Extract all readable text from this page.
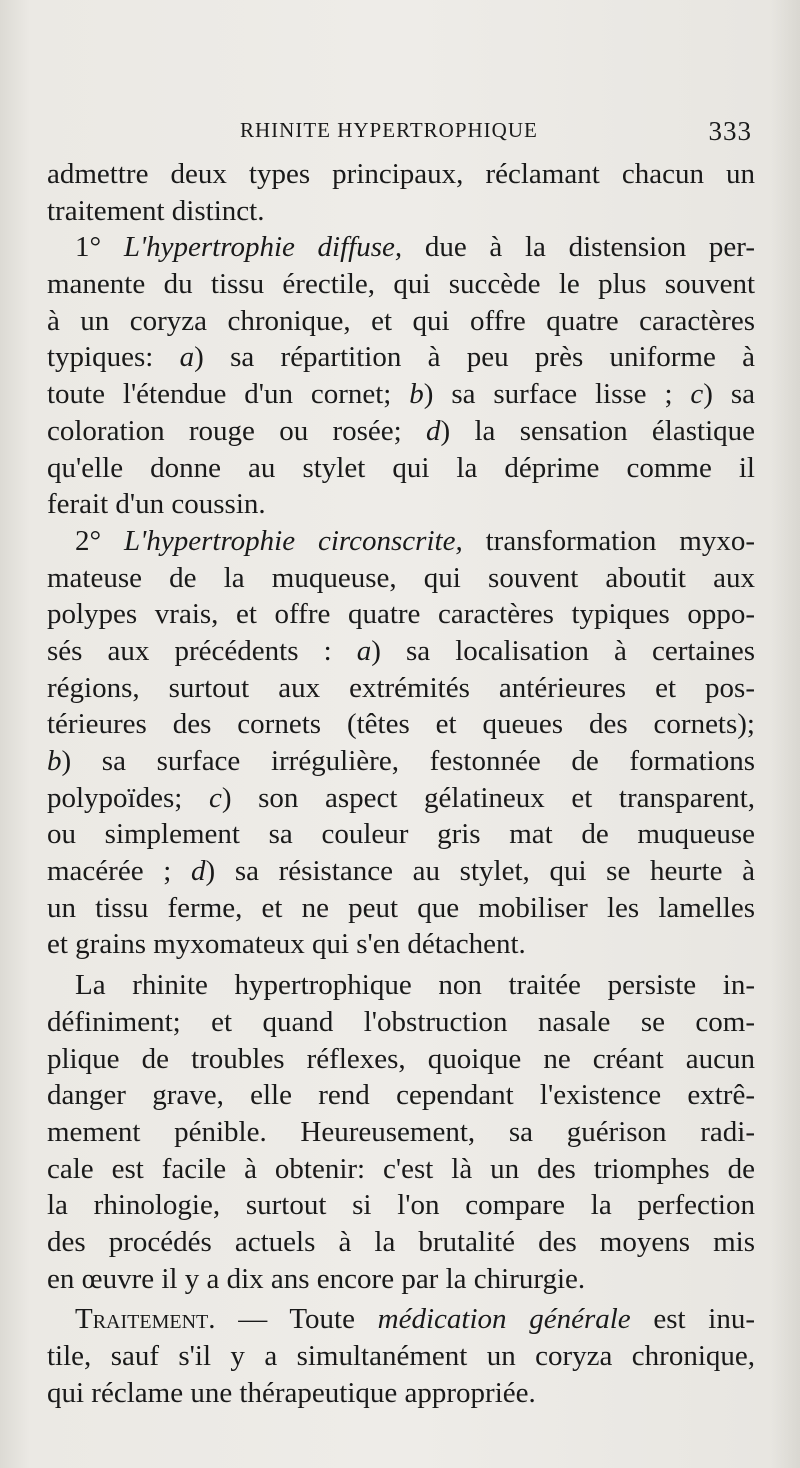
RHINITE HYPERTROPHIQUE	333
admettre deux types principaux, réclamant chacun un
traitement distinct.
1° L'hypertrophie diffuse, due à la distension per-
manente du tissu érectile, qui succède le plus souvent
à un coryza chronique, et qui offre quatre caractères
typiques: a) sa répartition à peu près uniforme à
toute l'étendue d'un cornet; b) sa surface lisse ; c) sa
coloration rouge ou rosée; d) la sensation élastique
qu'elle donne au stylet qui la déprime comme il
ferait d'un coussin.
2° L'hypertrophie circonscrite, transformation myxo-
mateuse de la muqueuse, qui souvent aboutit aux
polypes vrais, et offre quatre caractères typiques oppo-
sés aux précédents : a) sa localisation à certaines
régions, surtout aux extrémités antérieures et pos-
térieures des cornets (têtes et queues des cornets);
b) sa surface irrégulière, festonnée de formations
polypoïdes; c) son aspect gélatineux et transparent,
ou simplement sa couleur gris mat de muqueuse
macérée ; d) sa résistance au stylet, qui se heurte à
un tissu ferme, et ne peut que mobiliser les lamelles
et grains myxomateux qui s'en détachent.
La rhinite hypertrophique non traitée persiste in-
définiment; et quand l'obstruction nasale se com-
plique de troubles réflexes, quoique ne créant aucun
danger grave, elle rend cependant l'existence extrê-
mement pénible. Heureusement, sa guérison radi-
cale est facile à obtenir: c'est là un des triomphes de
la rhinologie, surtout si l'on compare la perfection
des procédés actuels à la brutalité des moyens mis
en œuvre il y a dix ans encore par la chirurgie.
Traitement. — Toute médication générale est inu-
tile, sauf s'il y a simultanément un coryza chronique,
qui réclame une thérapeutique appropriée.
